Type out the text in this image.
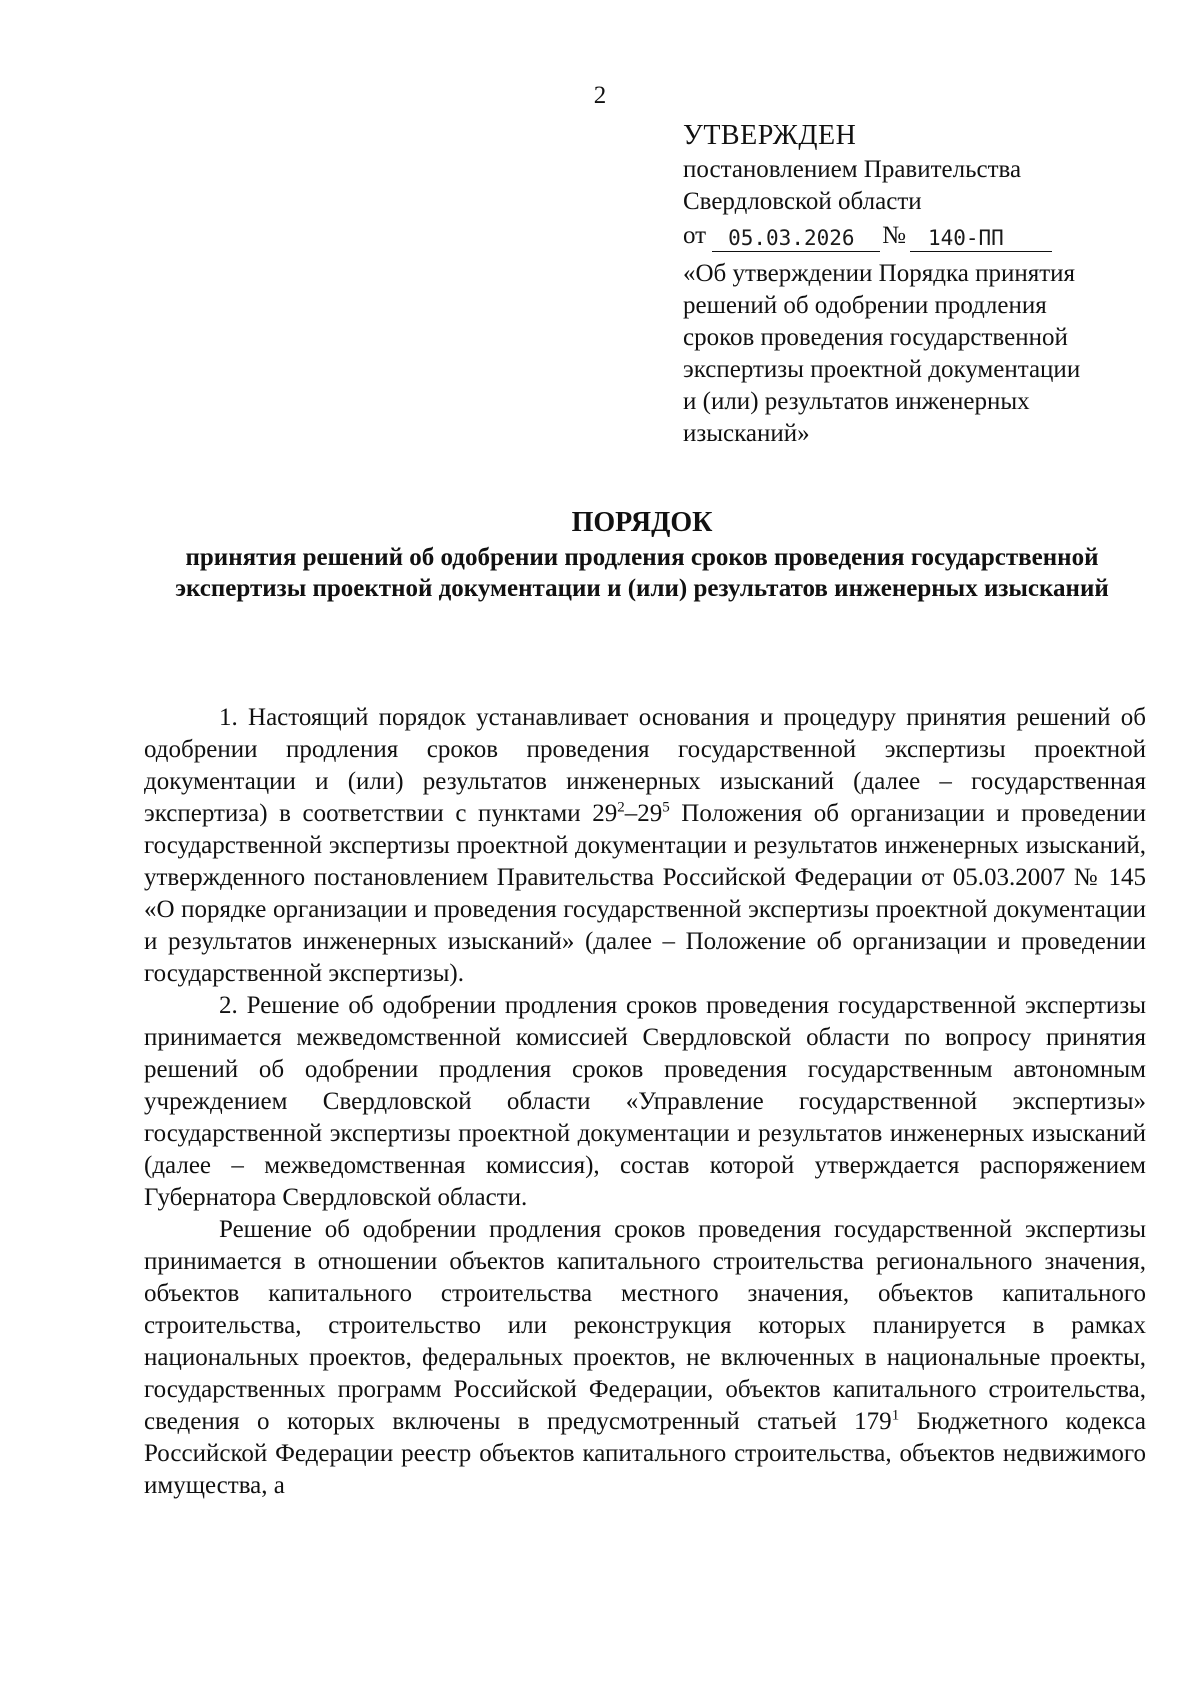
2
УТВЕРЖДЕН
постановлением Правительства
Свердловской области
от	05.03.2026	№	140-ПП
«Об утверждении Порядка принятия
решений об одобрении продления
сроков проведения государственной
экспертизы проектной документации
и (или) результатов инженерных
изысканий»
ПОРЯДОК
принятия решений об одобрении продления сроков проведения государственной экспертизы проектной документации и (или) результатов инженерных изысканий

1. Настоящий порядок устанавливает основания и процедуру принятия решений об одобрении продления сроков проведения государственной экспертизы проектной документации и (или) результатов инженерных изысканий (далее – государственная экспертиза) в соответствии с пунктами $29^2-29^5$ Положения об организации и проведении государственной экспертизы проектной документации и результатов инженерных изысканий, утвержденного постановлением Правительства Российской Федерации от 05.03.2007 № 145 «О порядке организации и проведения государственной экспертизы проектной документации и результатов инженерных изысканий» (далее – Положение об организации и проведении государственной экспертизы).

2. Решение об одобрении продления сроков проведения государственной экспертизы принимается межведомственной комиссией Свердловской области по вопросу принятия решений об одобрении продления сроков проведения государственным автономным учреждением Свердловской области «Управление государственной экспертизы» государственной экспертизы проектной документации и результатов инженерных изысканий (далее – межведомственная комиссия), состав которой утверждается распоряжением Губернатора Свердловской области.

Решение об одобрении продления сроков проведения государственной экспертизы принимается в отношении объектов капитального строительства регионального значения, объектов капитального строительства местного значения, объектов капитального строительства, строительство или реконструкция которых планируется в рамках национальных проектов, федеральных проектов, не включенных в национальные проекты, государственных программ Российской Федерации, объектов капитального строительства, сведения о которых включены в предусмотренный статьей $179^1$ Бюджетного кодекса Российской Федерации реестр объектов капитального строительства, объектов недвижимого имущества, а
